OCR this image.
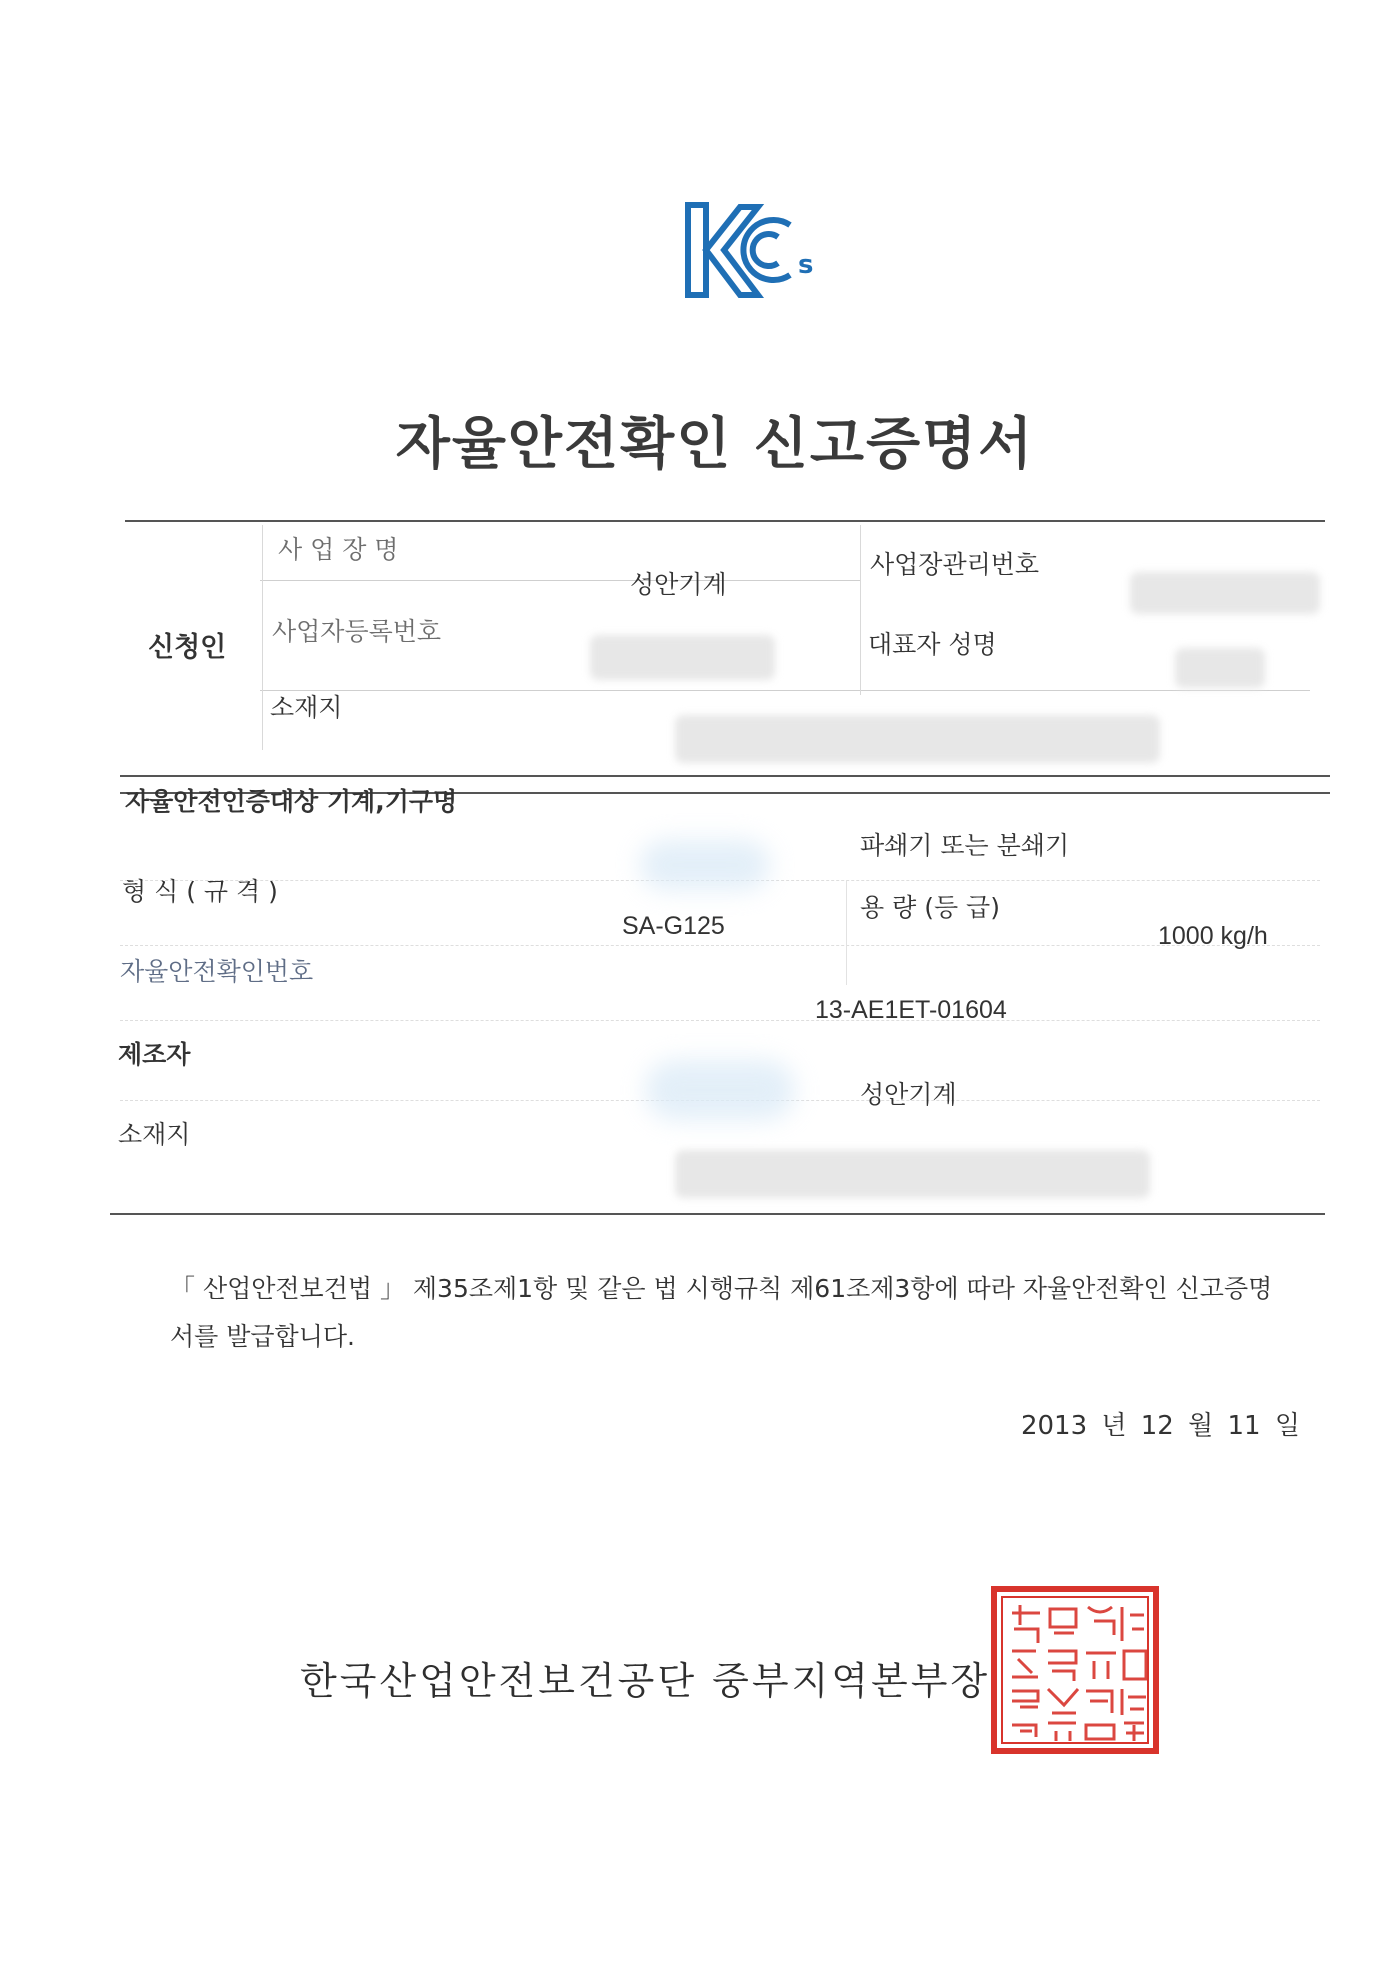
s
자율안전확인 신고증명서
신청인
사 업 장 명
성안기계
사업장관리번호
사업자등록번호	대표자 성명
소재지
자율안전인증대상 기계,기구명
파쇄기 또는 분쇄기
형 식 ( 규 격 )
SA-G125
용 량 (등 급)
1000 kg/h
자율안전확인번호
13-AE1ET-01604
제조자
성안기계
소재지
「 산업안전보건법 」 제35조제1항 및 같은 법 시행규칙 제61조제3항에 따라 자율안전확인 신고증명서를 발급합니다.
2013 년 12 월 11 일
한국산업안전보건공단 중부지역본부장
